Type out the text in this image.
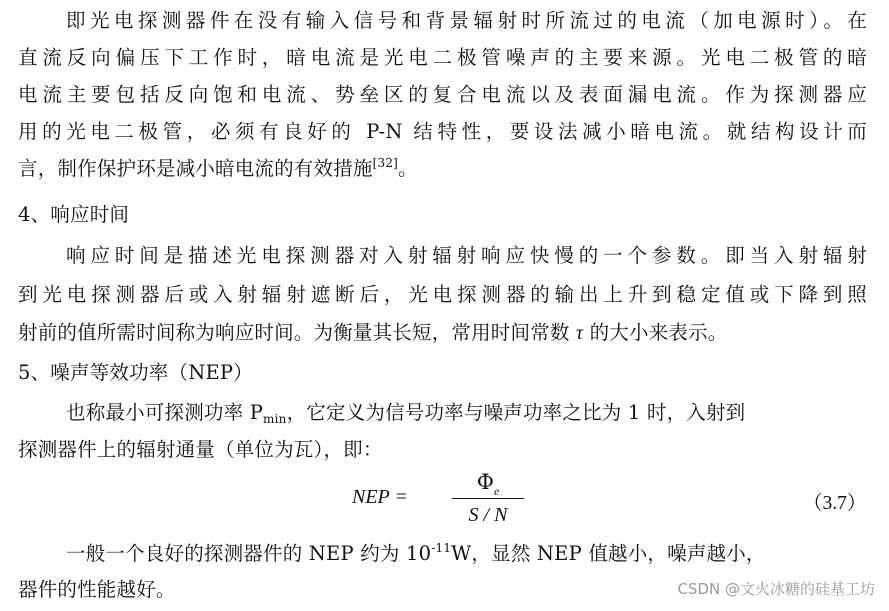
即光电探测器件在没有输入信号和背景辐射时所流过的电流（加电源时）。在
直流反向偏压下工作时，暗电流是光电二极管噪声的主要来源。光电二极管的暗
电流主要包括反向饱和电流、势垒区的复合电流以及表面漏电流。作为探测器应
用的光电二极管，必须有良好的 P-N 结特性，要设法减小暗电流。就结构设计而
言，制作保护环是减小暗电流的有效措施[32]。
4、响应时间
响应时间是描述光电探测器对入射辐射响应快慢的一个参数。即当入射辐射
到光电探测器后或入射辐射遮断后，光电探测器的输出上升到稳定值或下降到照
射前的值所需时间称为响应时间。为衡量其长短，常用时间常数 τ 的大小来表示。
5、噪声等效功率（NEP）
也称最小可探测功率 $P_{min}$，它定义为信号功率与噪声功率之比为 1 时，入射到
探测器件上的辐射通量（单位为瓦），即：
NEP =
$\Phi_e$
S / N
（3.7）
一般一个良好的探测器件的 NEP 约为 $10^{-11}W$，显然 NEP 值越小，噪声越小，
器件的性能越好。	CSDN @文火冰糖的硅基工坊
